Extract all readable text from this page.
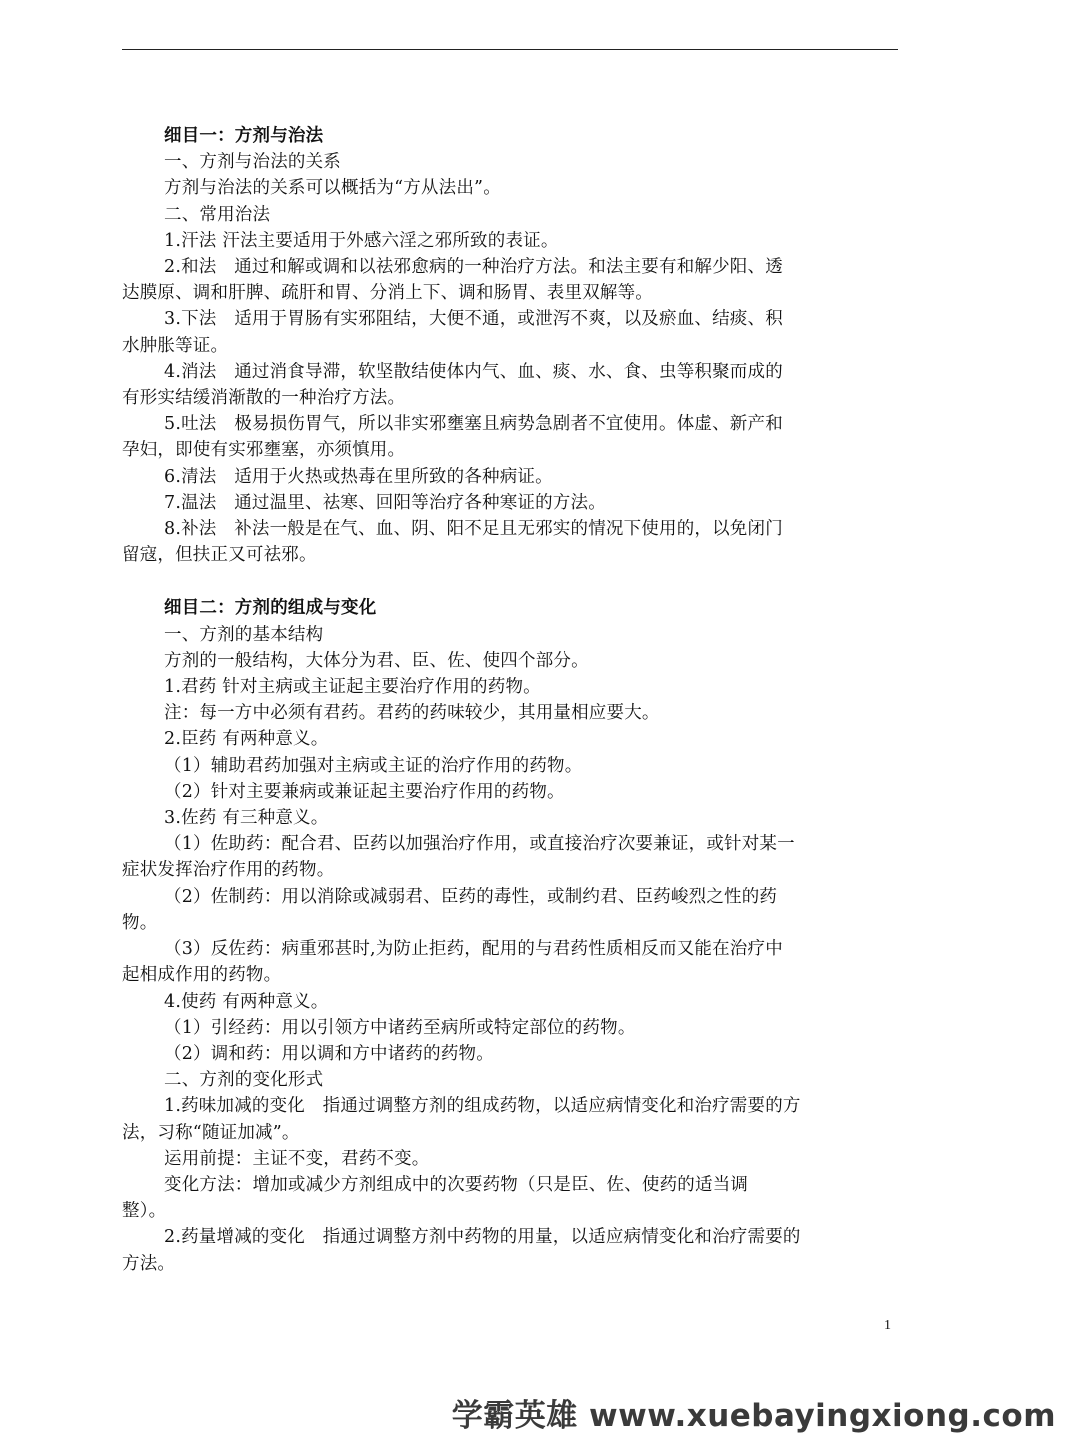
细目一：方剂与治法

一、方剂与治法的关系

方剂与治法的关系可以概括为“方从法出”。

二、常用治法

1.汗法 汗法主要适用于外感六淫之邪所致的表证。

2.和法　通过和解或调和以祛邪愈病的一种治疗方法。和法主要有和解少阳、透

达膜原、调和肝脾、疏肝和胃、分消上下、调和肠胃、表里双解等。

3.下法　适用于胃肠有实邪阻结，大便不通，或泄泻不爽，以及瘀血、结痰、积

水肿胀等证。

4.消法　通过消食导滞，软坚散结使体内气、血、痰、水、食、虫等积聚而成的

有形实结缓消渐散的一种治疗方法。

5.吐法　极易损伤胃气，所以非实邪壅塞且病势急剧者不宜使用。体虚、新产和

孕妇，即使有实邪壅塞，亦须慎用。

6.清法　适用于火热或热毒在里所致的各种病证。

7.温法　通过温里、祛寒、回阳等治疗各种寒证的方法。

8.补法　补法一般是在气、血、阴、阳不足且无邪实的情况下使用的，以免闭门

留寇，但扶正又可祛邪。

细目二：方剂的组成与变化

一、方剂的基本结构

方剂的一般结构，大体分为君、臣、佐、使四个部分。

1.君药 针对主病或主证起主要治疗作用的药物。

注：每一方中必须有君药。君药的药味较少，其用量相应要大。

2.臣药 有两种意义。

（1）辅助君药加强对主病或主证的治疗作用的药物。

（2）针对主要兼病或兼证起主要治疗作用的药物。

3.佐药 有三种意义。

（1）佐助药：配合君、臣药以加强治疗作用，或直接治疗次要兼证，或针对某一

症状发挥治疗作用的药物。

（2）佐制药：用以消除或减弱君、臣药的毒性，或制约君、臣药峻烈之性的药

物。

（3）反佐药：病重邪甚时,为防止拒药，配用的与君药性质相反而又能在治疗中

起相成作用的药物。

4.使药 有两种意义。

（1）引经药：用以引领方中诸药至病所或特定部位的药物。

（2）调和药：用以调和方中诸药的药物。

二、方剂的变化形式

1.药味加减的变化　指通过调整方剂的组成药物，以适应病情变化和治疗需要的方

法，习称“随证加减”。

运用前提：主证不变，君药不变。

变化方法：增加或减少方剂组成中的次要药物（只是臣、佐、使药的适当调

整）。

2.药量增减的变化　指通过调整方剂中药物的用量，以适应病情变化和治疗需要的

方法。

1
学霸英雄 www.xuebayingxiong.com
